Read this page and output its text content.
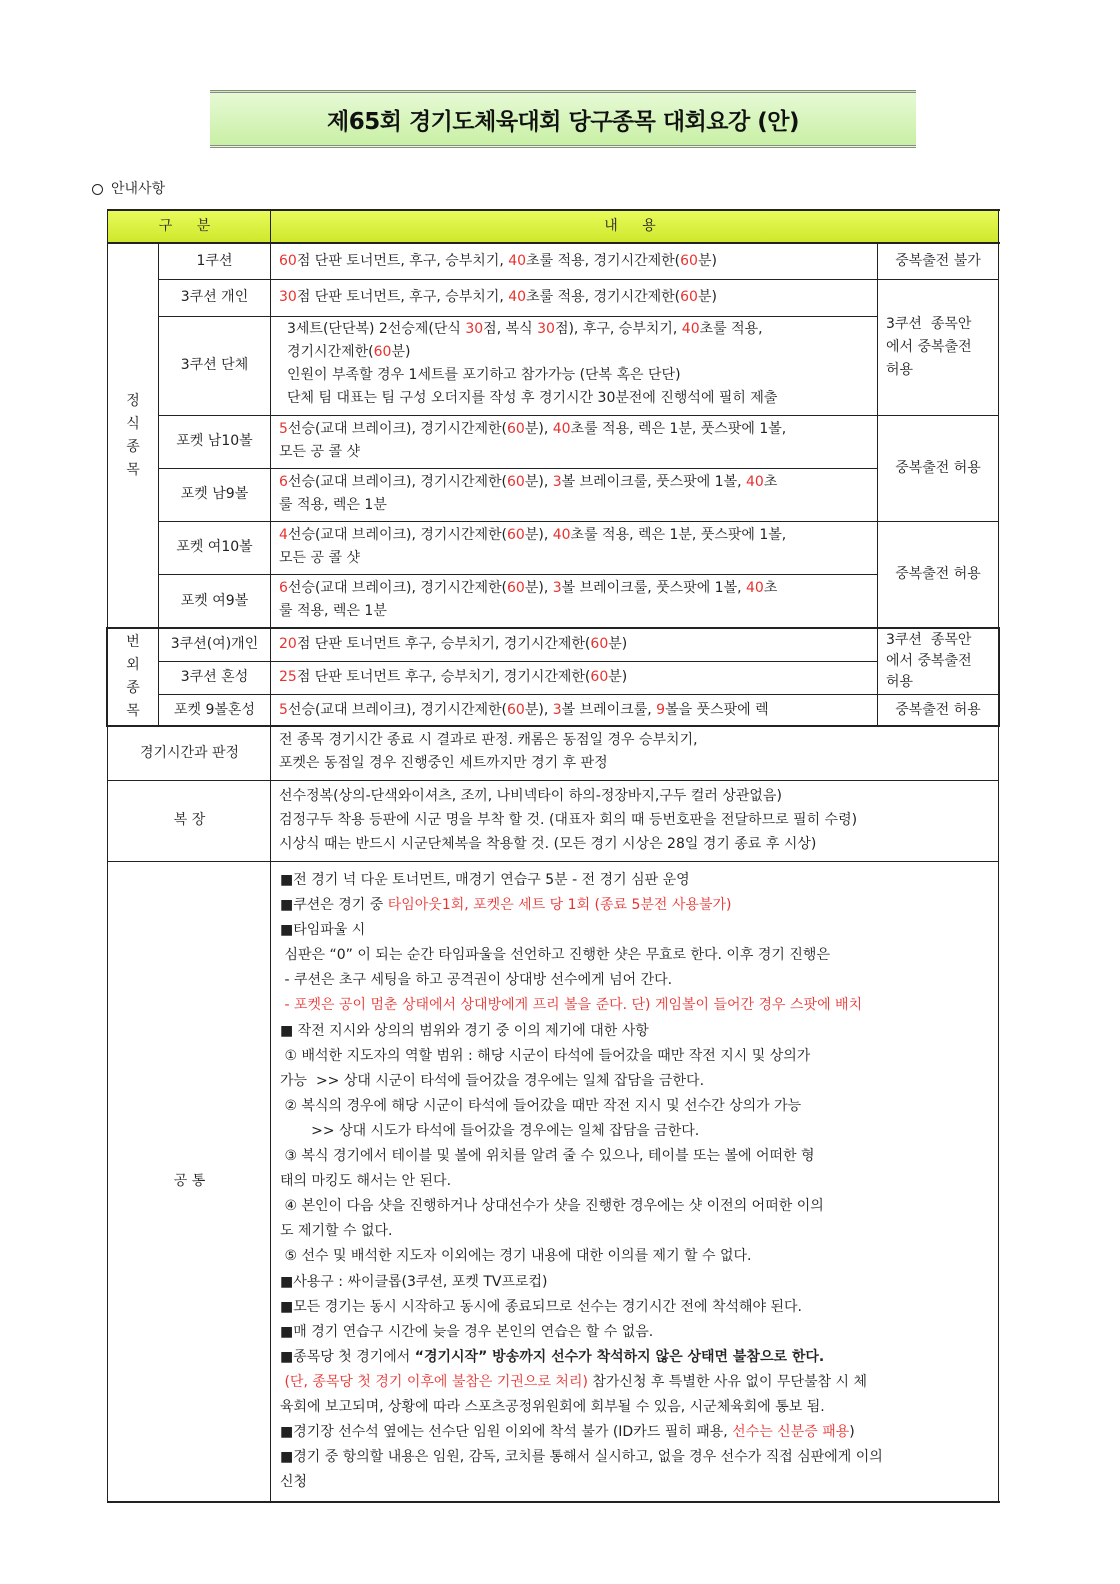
제65회 경기도체육대회 당구종목 대회요강 (안)
안내사항
구 분	내 용
정
식
종
목
번
외
종
목
1쿠션
3쿠션 개인
3쿠션 단체
포켓 남10볼
포켓 남9볼
포켓 여10볼
포켓 여9볼
3쿠션(여)개인
3쿠션 혼성
포켓 9볼혼성
60점 단판 토너먼트, 후구, 승부치기, 40초룰 적용, 경기시간제한(60분)
30점 단판 토너먼트, 후구, 승부치기, 40초룰 적용, 경기시간제한(60분)
3세트(단단복) 2선승제(단식 30점, 복식 30점), 후구, 승부치기, 40초룰 적용,
경기시간제한(60분)
인원이 부족할 경우 1세트를 포기하고 참가가능 (단복 혹은 단단)
단체 팀 대표는 팀 구성 오더지를 작성 후 경기시간 30분전에 진행석에 필히 제출
5선승(교대 브레이크), 경기시간제한(60분), 40초룰 적용, 렉은 1분, 풋스팟에 1볼,
모든 공 콜 샷
6선승(교대 브레이크), 경기시간제한(60분), 3볼 브레이크룰, 풋스팟에 1볼, 40초
룰 적용, 렉은 1분
4선승(교대 브레이크), 경기시간제한(60분), 40초룰 적용, 렉은 1분, 풋스팟에 1볼,
모든 공 콜 샷
6선승(교대 브레이크), 경기시간제한(60분), 3볼 브레이크룰, 풋스팟에 1볼, 40초
룰 적용, 렉은 1분
20점 단판 토너먼트 후구, 승부치기, 경기시간제한(60분)
25점 단판 토너먼트 후구, 승부치기, 경기시간제한(60분)
5선승(교대 브레이크), 경기시간제한(60분), 3볼 브레이크룰, 9볼을 풋스팟에 렉
중복출전 불가
3쿠션  종목안
에서 중복출전
허용
중복출전 허용
중복출전 허용
3쿠션  종목안
에서 중복출전
허용
중복출전 허용
경기시간과 판정
전 종목 경기시간 종료 시 결과로 판정. 캐롬은 동점일 경우 승부치기,
포켓은 동점일 경우 진행중인 세트까지만 경기 후 판정
복 장
선수정복(상의-단색와이셔츠, 조끼, 나비넥타이 하의-정장바지,구두 컬러 상관없음)
검정구두 착용 등판에 시군 명을 부착 할 것. (대표자 회의 때 등번호판을 전달하므로 필히 수령)
시상식 때는 반드시 시군단체복을 착용할 것. (모든 경기 시상은 28일 경기 종료 후 시상)
공 통

■전 경기 넉 다운 토너먼트, 매경기 연습구 5분 - 전 경기 심판 운영

■쿠션은 경기 중 타임아웃1회, 포켓은 세트 당 1회 (종료 5분전 사용불가)

■타임파울 시

심판은 “0” 이 되는 순간 타임파울을 선언하고 진행한 샷은 무효로 한다. 이후 경기 진행은

- 쿠션은 초구 세팅을 하고 공격권이 상대방 선수에게 넘어 간다.

- 포켓은 공이 멈춘 상태에서 상대방에게 프리 볼을 준다. 단) 게임볼이 들어간 경우 스팟에 배치

■ 작전 지시와 상의의 범위와 경기 중 이의 제기에 대한 사항

① 배석한 지도자의 역할 범위 : 해당 시군이 타석에 들어갔을 때만 작전 지시 및 상의가

가능  >> 상대 시군이 타석에 들어갔을 경우에는 일체 잡담을 금한다.

② 복식의 경우에 해당 시군이 타석에 들어갔을 때만 작전 지시 및 선수간 상의가 가능

>> 상대 시도가 타석에 들어갔을 경우에는 일체 잡담을 금한다.

③ 복식 경기에서 테이블 및 볼에 위치를 알려 줄 수 있으나, 테이블 또는 볼에 어떠한 형

태의 마킹도 해서는 안 된다.

④ 본인이 다음 샷을 진행하거나 상대선수가 샷을 진행한 경우에는 샷 이전의 어떠한 이의

도 제기할 수 없다.

⑤ 선수 및 배석한 지도자 이외에는 경기 내용에 대한 이의를 제기 할 수 없다.

■사용구 : 싸이클롭(3쿠션, 포켓 TV프로컵)

■모든 경기는 동시 시작하고 동시에 종료되므로 선수는 경기시간 전에 착석해야 된다.

■매 경기 연습구 시간에 늦을 경우 본인의 연습은 할 수 없음.

■종목당 첫 경기에서 “경기시작” 방송까지 선수가 착석하지 않은 상태면 불참으로 한다.

(단, 종목당 첫 경기 이후에 불참은 기권으로 처리) 참가신청 후 특별한 사유 없이 무단불참 시 체

육회에 보고되며, 상황에 따라 스포츠공정위원회에 회부될 수 있음, 시군체육회에 통보 됨.

■경기장 선수석 옆에는 선수단 임원 이외에 착석 불가 (ID카드 필히 패용, 선수는 신분증 패용)

■경기 중 항의할 내용은 임원, 감독, 코치를 통해서 실시하고, 없을 경우 선수가 직접 심판에게 이의

신청
